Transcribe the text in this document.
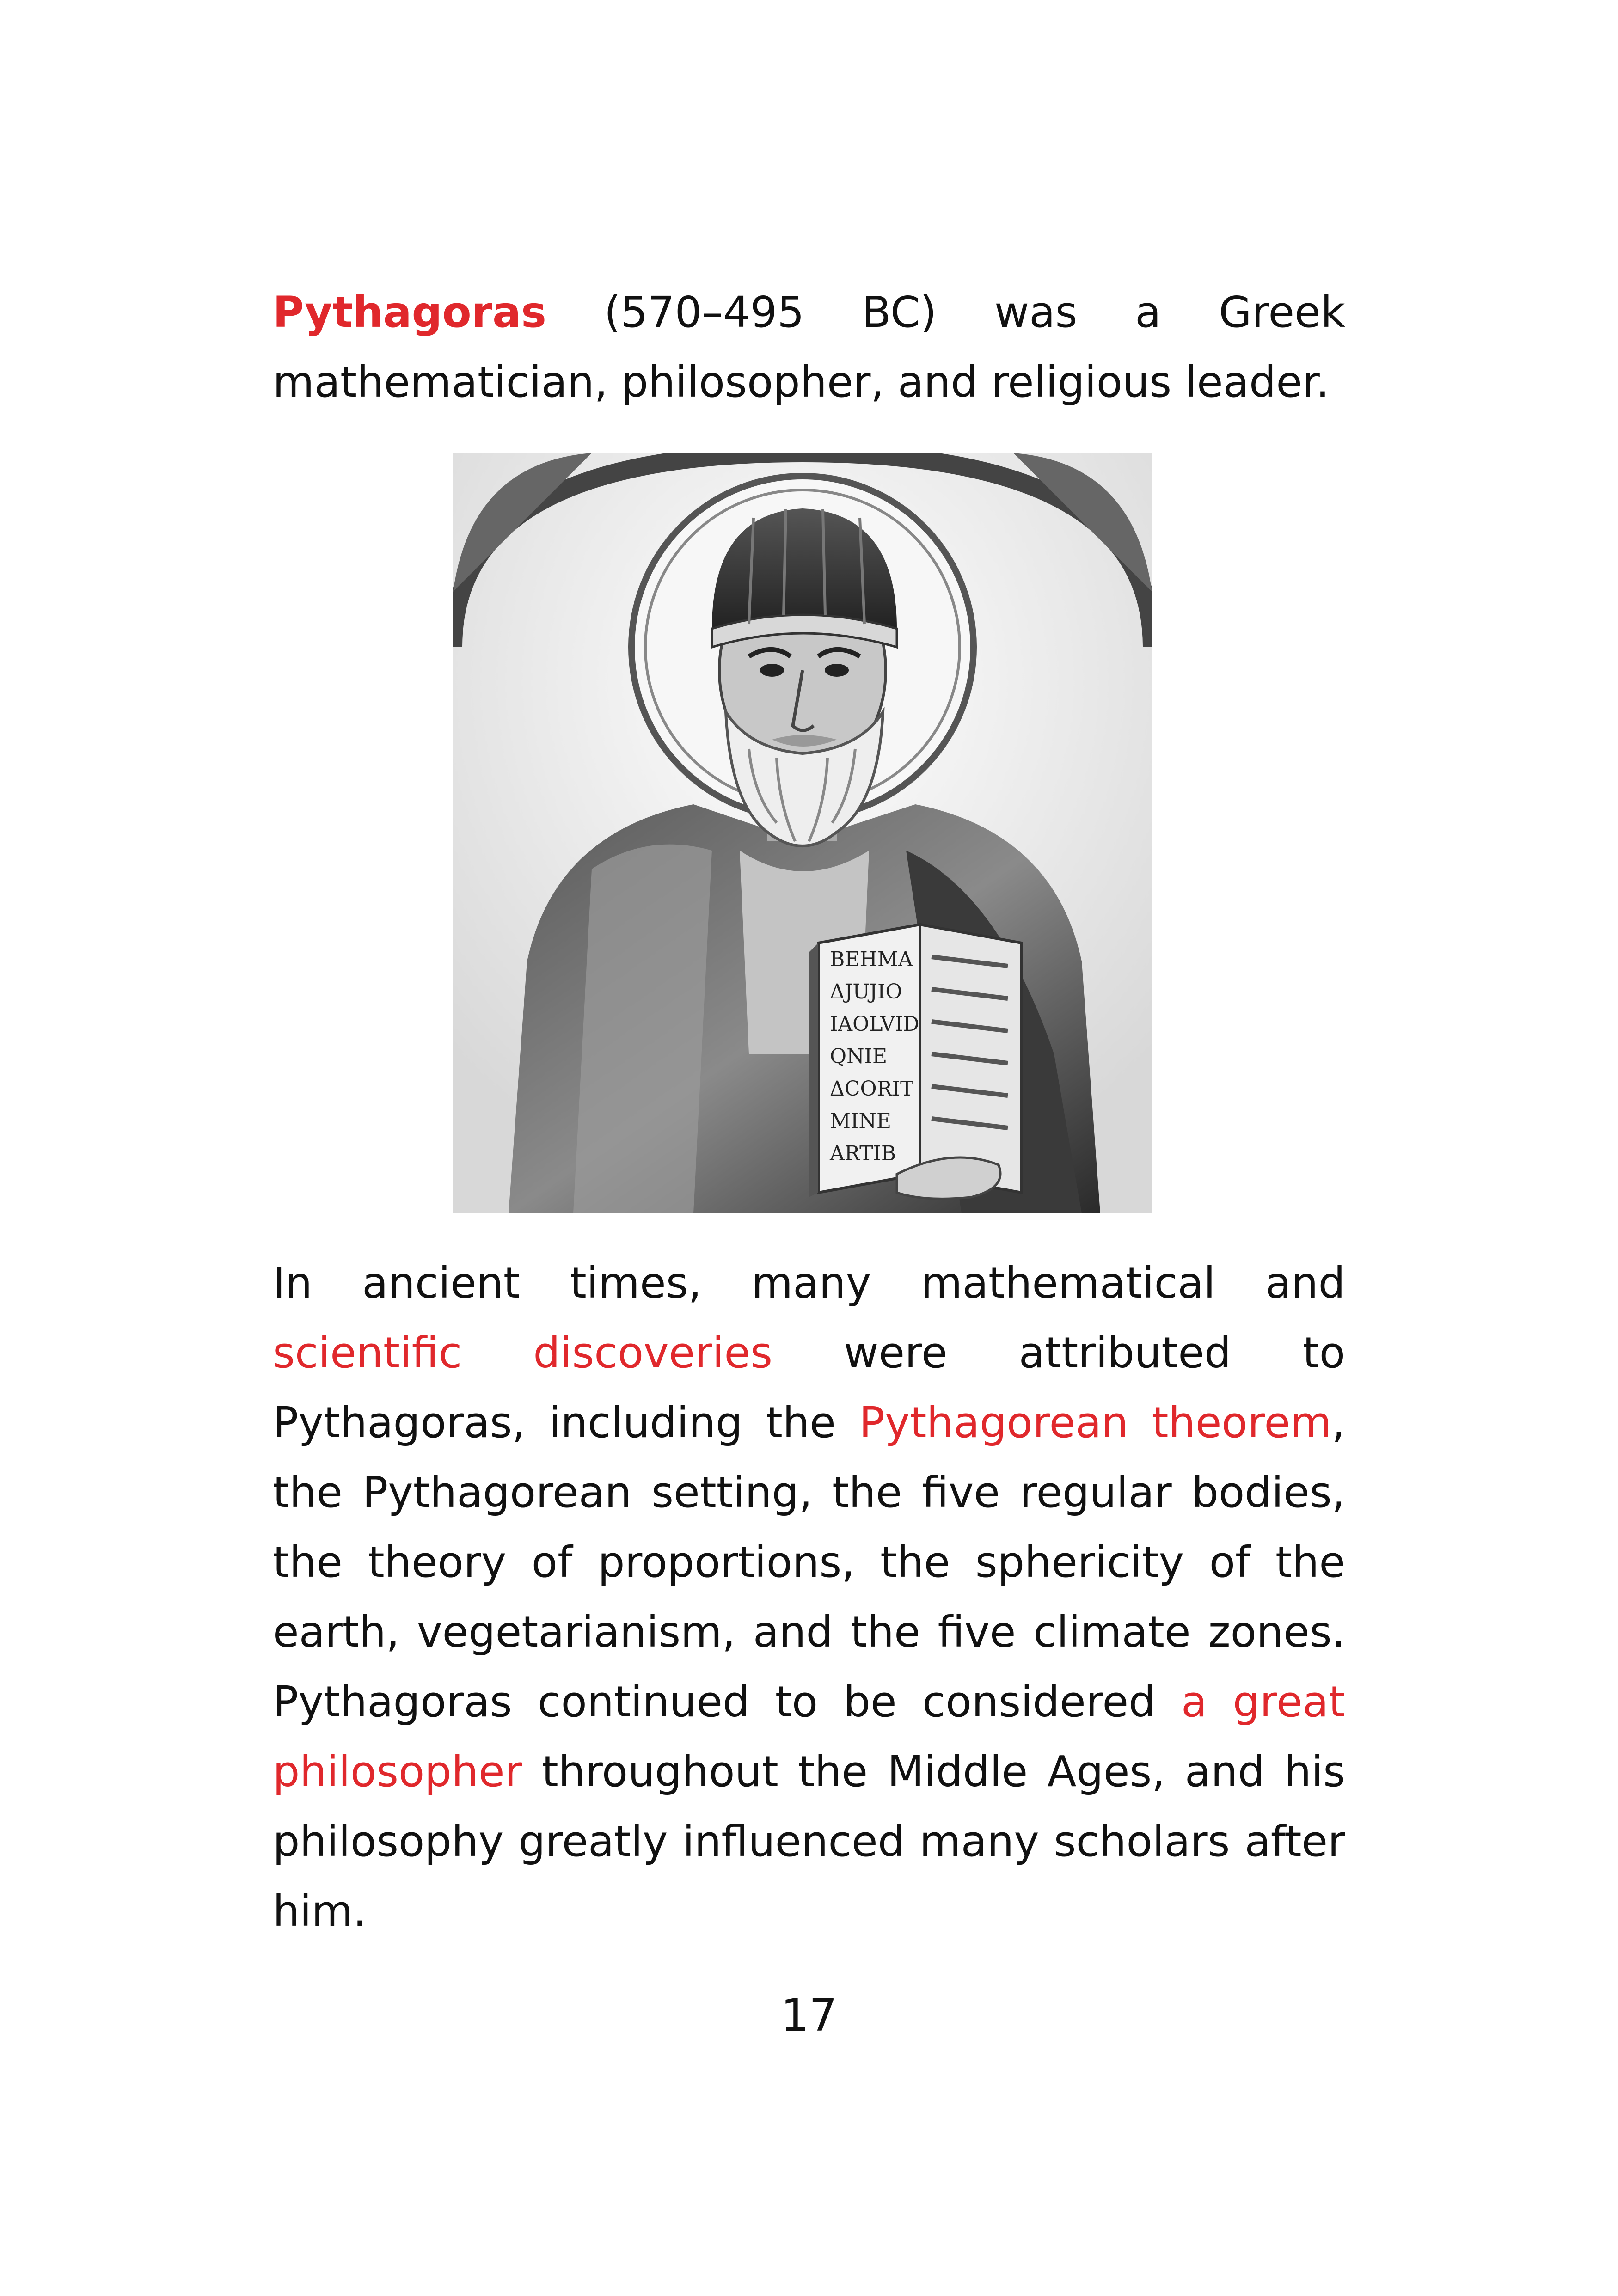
Pythagoras (570–495 BC) was a Greek mathematician, philosopher, and religious leader.

BEHMA
ΔJUJIO
IAOLVID
QNIE
ΔCORIT
MINE
ARTIB

In ancient times, many mathematical and scientific discoveries were attributed to Pythagoras, including the Pythagorean theorem, the Pythagorean setting, the five regular bodies, the theory of proportions, the sphericity of the earth, vegetarianism, and the five climate zones. Pythagoras continued to be considered a great philosopher throughout the Middle Ages, and his philosophy greatly influenced many scholars after him.

17
